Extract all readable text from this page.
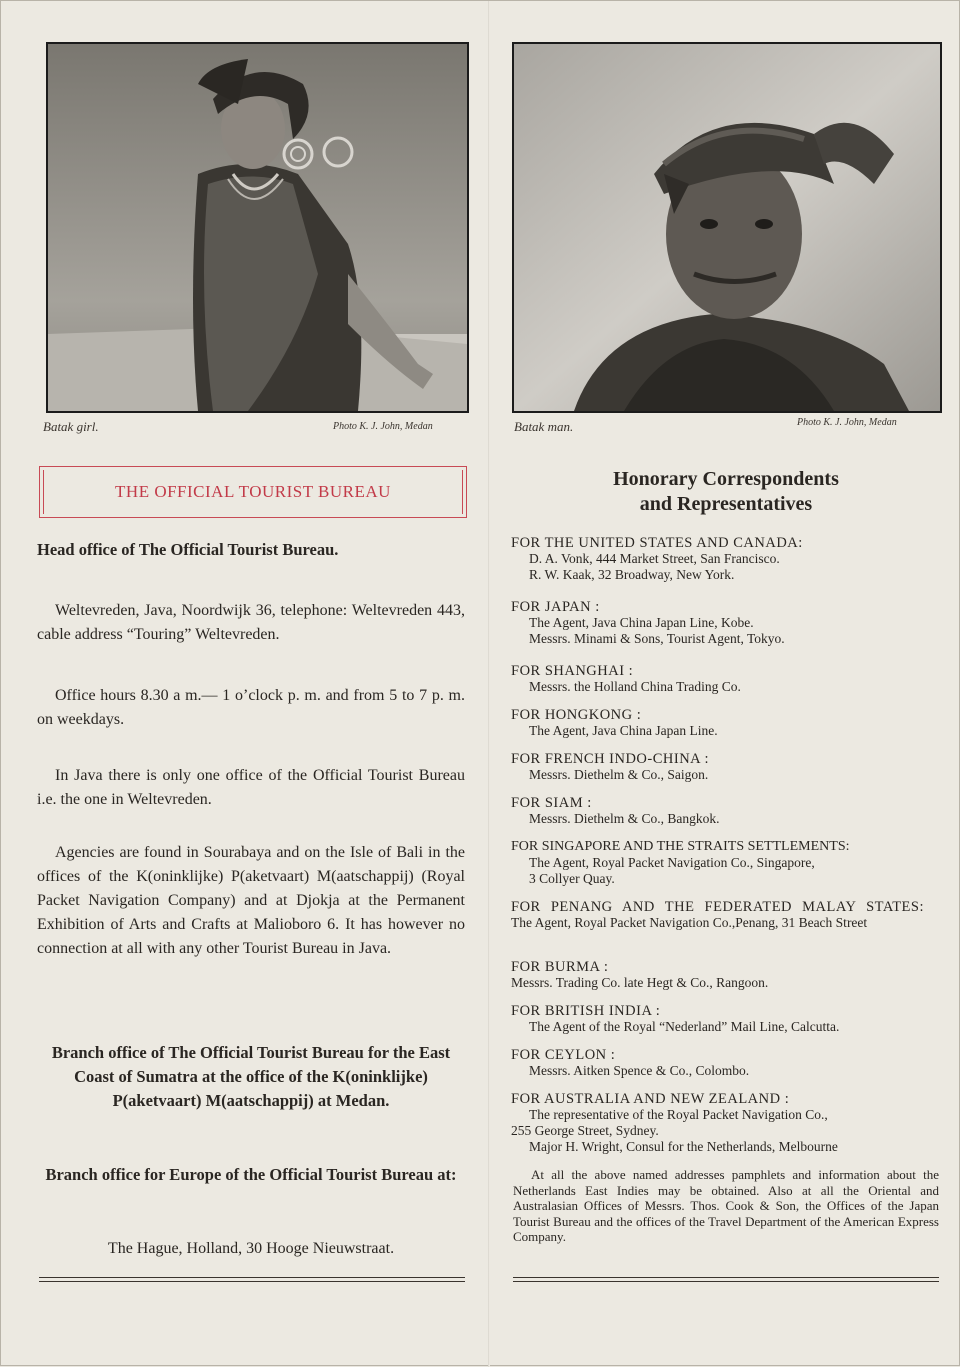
Batak girl.	Photo K. J. John, Medan	Batak man.	Photo K. J. John, Medan
THE OFFICIAL TOURIST BUREAU
Head office of The Official Tourist Bureau.
Weltevreden, Java, Noordwijk 36, telephone: Weltevreden 443, cable address “Touring” Weltevreden.
Office hours 8.30 a m.— 1 o’clock p. m. and from 5 to 7 p. m. on weekdays.
In Java there is only one office of the Official Tourist Bureau i.e. the one in Weltevreden.
Agencies are found in Sourabaya and on the Isle of Bali in the offices of the K(oninklijke) P(aketvaart) M(aatschappij) (Royal Packet Navigation Company) and at Djokja at the Permanent Exhibition of Arts and Crafts at Malioboro 6. It has however no connection at all with any other Tourist Bureau in Java.
Branch office of The Official Tourist Bureau for the East Coast of Sumatra at the office of the K(oninklijke) P(aketvaart) M(aatschappij) at Medan.
Branch office for Europe of the Official Tourist Bureau at:
The Hague, Holland, 30 Hooge Nieuwstraat.
Honorary Correspondents
and Representatives
FOR THE UNITED STATES AND CANADA:
D. A. Vonk, 444 Market Street, San Francisco.
R. W. Kaak, 32 Broadway, New York.
FOR JAPAN :
The Agent, Java China Japan Line, Kobe.
Messrs. Minami & Sons, Tourist Agent, Tokyo.
FOR SHANGHAI :
Messrs. the Holland China Trading Co.
FOR HONGKONG :
The Agent, Java China Japan Line.
FOR FRENCH INDO-CHINA :
Messrs. Diethelm & Co., Saigon.
FOR SIAM :
Messrs. Diethelm & Co., Bangkok.
FOR SINGAPORE AND THE STRAITS SETTLEMENTS:
The Agent, Royal Packet Navigation Co., Singapore,
3 Collyer Quay.
FOR PENANG AND THE FEDERATED MALAY STATES:
The Agent, Royal Packet Navigation Co.,Penang, 31 Beach Street
FOR BURMA :
Messrs. Trading Co. late Hegt & Co., Rangoon.
FOR BRITISH INDIA :
The Agent of the Royal “Nederland” Mail Line, Calcutta.
FOR CEYLON :
Messrs. Aitken Spence & Co., Colombo.
FOR AUSTRALIA AND NEW ZEALAND :
The representative of the Royal Packet Navigation Co.,
255 George Street, Sydney.
Major H. Wright, Consul for the Netherlands, Melbourne
At all the above named addresses pamphlets and information about the Netherlands East Indies may be obtained. Also at all the Oriental and Australasian Offices of Messrs. Thos. Cook & Son, the Offices of the Japan Tourist Bureau and the offices of the Travel Department of the American Express Company.
